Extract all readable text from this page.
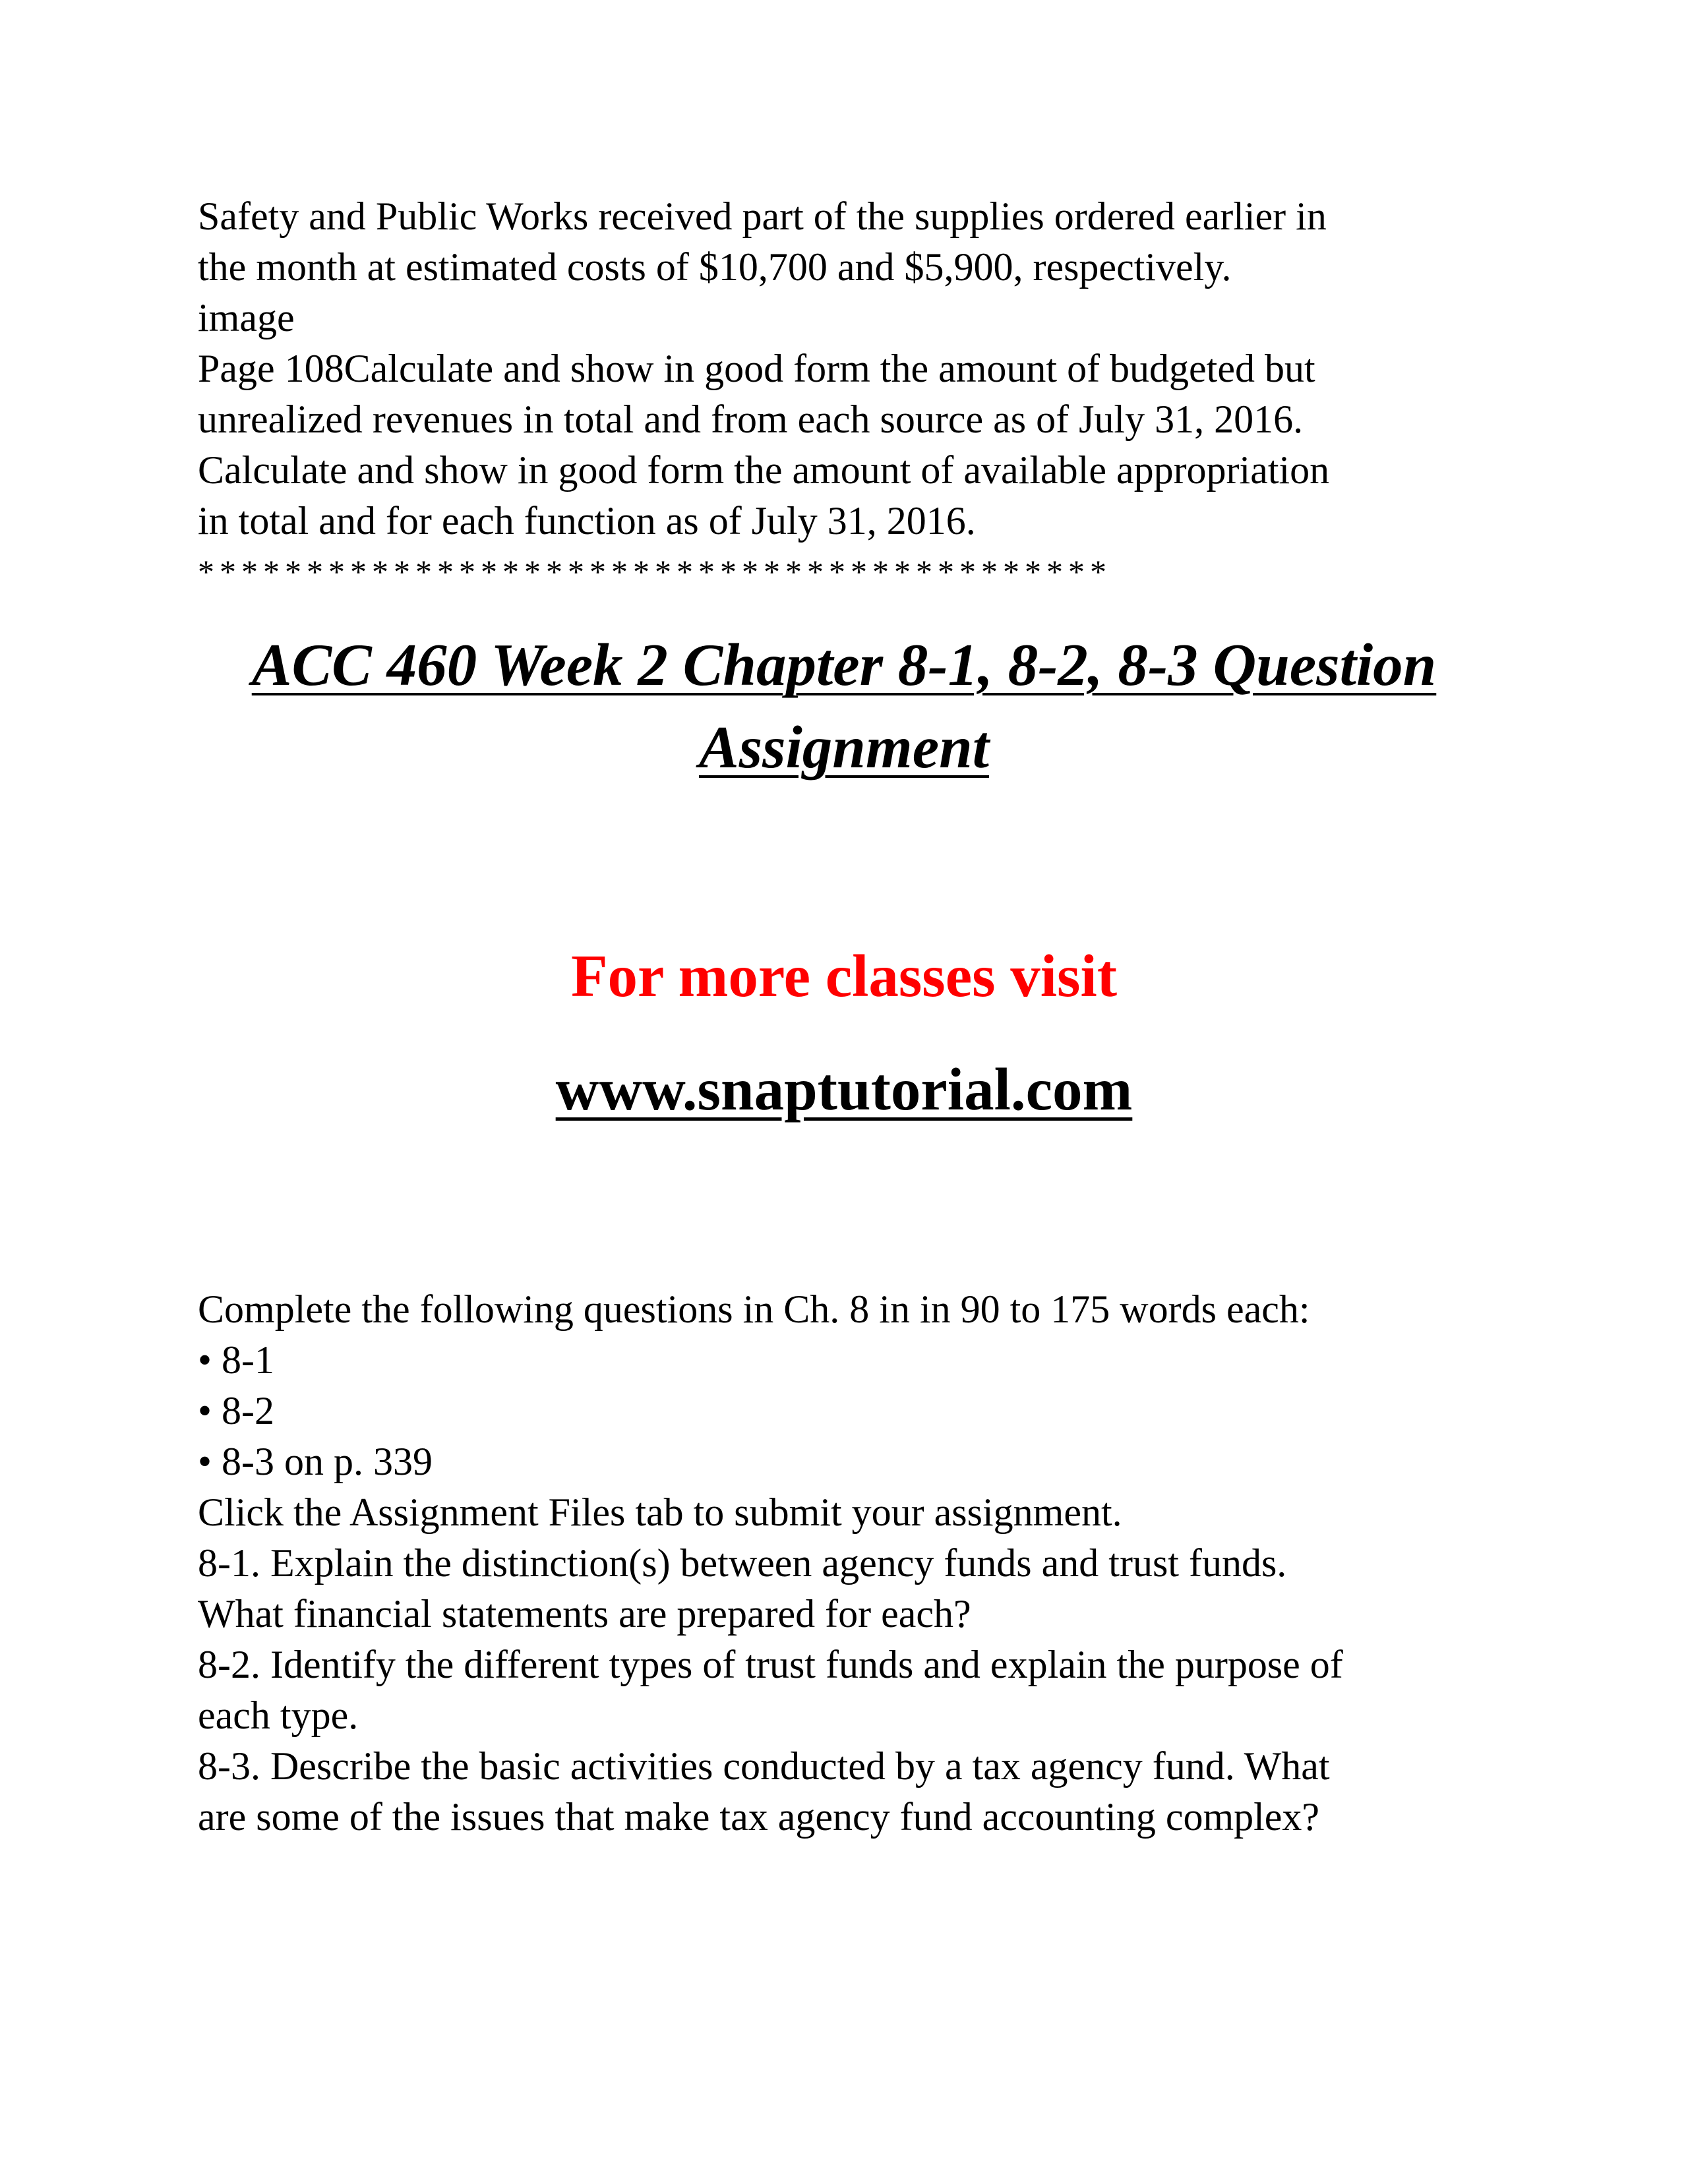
Safety and Public Works received part of the supplies ordered earlier in
the month at estimated costs of $10,700 and $5,900, respectively.
image
Page 108Calculate and show in good form the amount of budgeted but
unrealized revenues in total and from each source as of July 31, 2016.
Calculate and show in good form the amount of available appropriation
in total and for each function as of July 31, 2016.
******************************************
ACC 460 Week 2 Chapter 8-1, 8-2, 8-3 Question
Assignment

For more classes visit

www.snaptutorial.com

Complete the following questions in Ch. 8 in in 90 to 175 words each:
• 8-1
• 8-2
• 8-3 on p. 339
Click the Assignment Files tab to submit your assignment.
8-1. Explain the distinction(s) between agency funds and trust funds.
What financial statements are prepared for each?
8-2. Identify the different types of trust funds and explain the purpose of
each type.
8-3. Describe the basic activities conducted by a tax agency fund. What
are some of the issues that make tax agency fund accounting complex?
